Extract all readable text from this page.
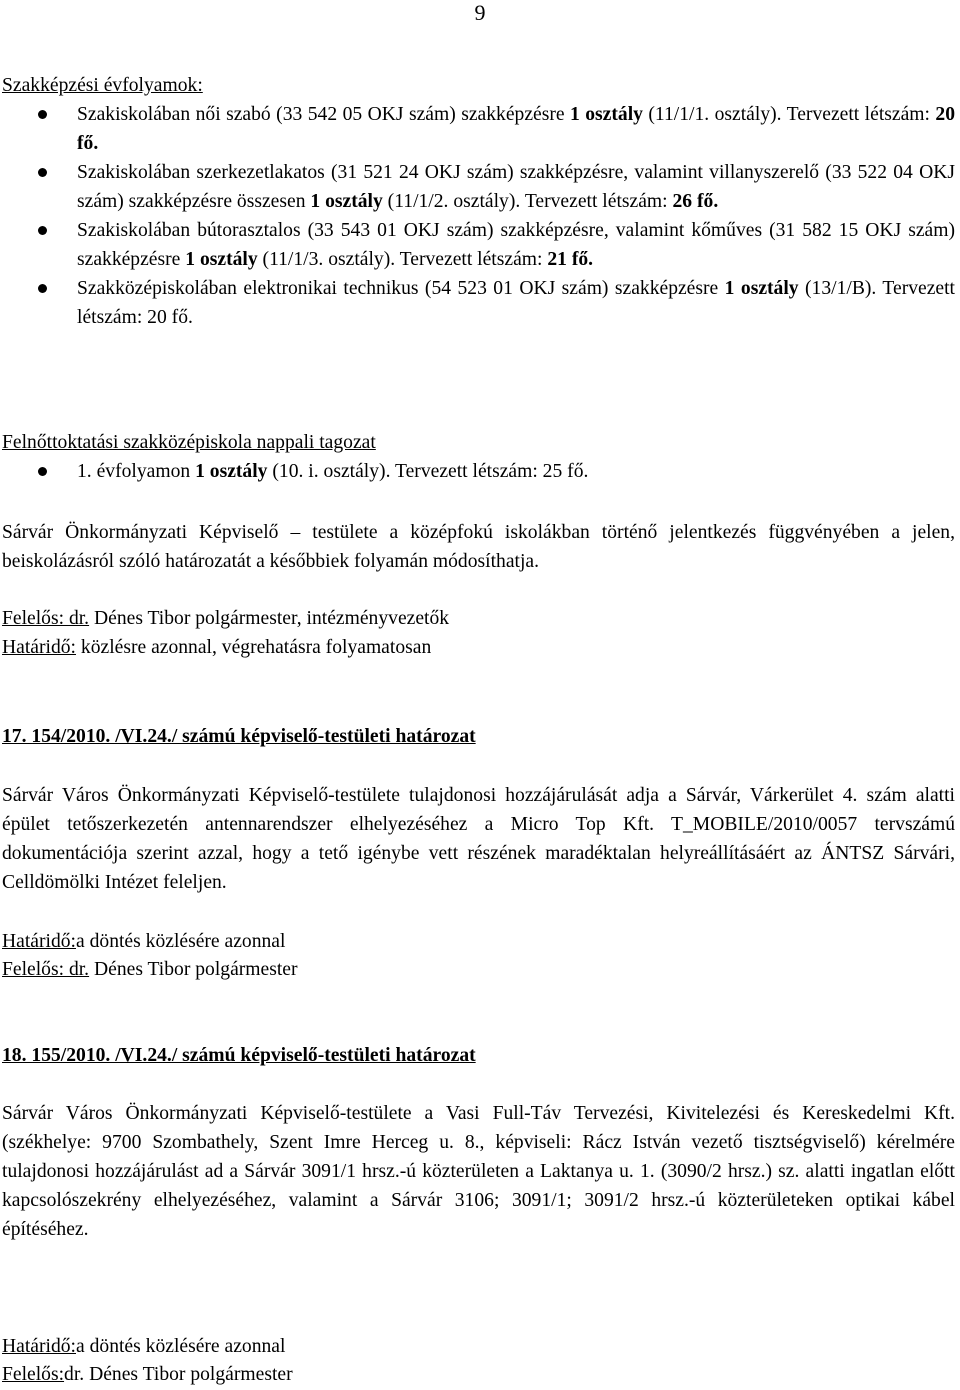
9
Szakképzési évfolyamok:
Szakiskolában női szabó (33 542 05 OKJ szám) szakképzésre 1 osztály (11/1/1. osztály). Tervezett létszám: 20 fő.
Szakiskolában szerkezetlakatos (31 521 24 OKJ szám) szakképzésre, valamint villanyszerelő (33 522 04 OKJ szám) szakképzésre összesen 1 osztály (11/1/2. osztály). Tervezett létszám: 26 fő.
Szakiskolában bútorasztalos (33 543 01 OKJ szám) szakképzésre, valamint kőműves (31 582 15 OKJ szám) szakképzésre 1 osztály (11/1/3. osztály). Tervezett létszám: 21 fő.
Szakközépiskolában elektronikai technikus (54 523 01 OKJ szám) szakképzésre 1 osztály (13/1/B). Tervezett létszám: 20 fő.
Felnőttoktatási szakközépiskola nappali tagozat
1. évfolyamon 1 osztály (10. i. osztály). Tervezett létszám: 25 fő.
Sárvár Önkormányzati Képviselő – testülete a középfokú iskolákban történő jelentkezés függvényében a jelen, beiskolázásról szóló határozatát a későbbiek folyamán módosíthatja.
Felelős: dr. Dénes Tibor polgármester, intézményvezetők
Határidő: közlésre azonnal, végrehatásra folyamatosan
17. 154/2010. /VI.24./ számú képviselő-testületi határozat
Sárvár Város Önkormányzati Képviselő-testülete tulajdonosi hozzájárulását adja a Sárvár, Várkerület 4. szám alatti épület tetőszerkezetén antennarendszer elhelyezéséhez a Micro Top Kft. T_MOBILE/2010/0057 tervszámú dokumentációja szerint azzal, hogy a tető igénybe vett részének maradéktalan helyreállításáért az ÁNTSZ Sárvári, Celldömölki Intézet feleljen.
Határidő:a döntés közlésére azonnal
Felelős: dr. Dénes Tibor polgármester
18. 155/2010. /VI.24./ számú képviselő-testületi határozat
Sárvár Város Önkormányzati Képviselő-testülete a Vasi Full-Táv Tervezési, Kivitelezési és Kereskedelmi Kft. (székhelye: 9700 Szombathely, Szent Imre Herceg u. 8., képviseli: Rácz István vezető tisztségviselő) kérelmére tulajdonosi hozzájárulást ad a Sárvár 3091/1 hrsz.-ú közterületen a Laktanya u. 1. (3090/2 hrsz.) sz. alatti ingatlan előtt kapcsolószekrény elhelyezéséhez, valamint a Sárvár 3106; 3091/1; 3091/2 hrsz.-ú közterületeken optikai kábel építéséhez.
Határidő:a döntés közlésére azonnal
Felelős:dr. Dénes Tibor polgármester
